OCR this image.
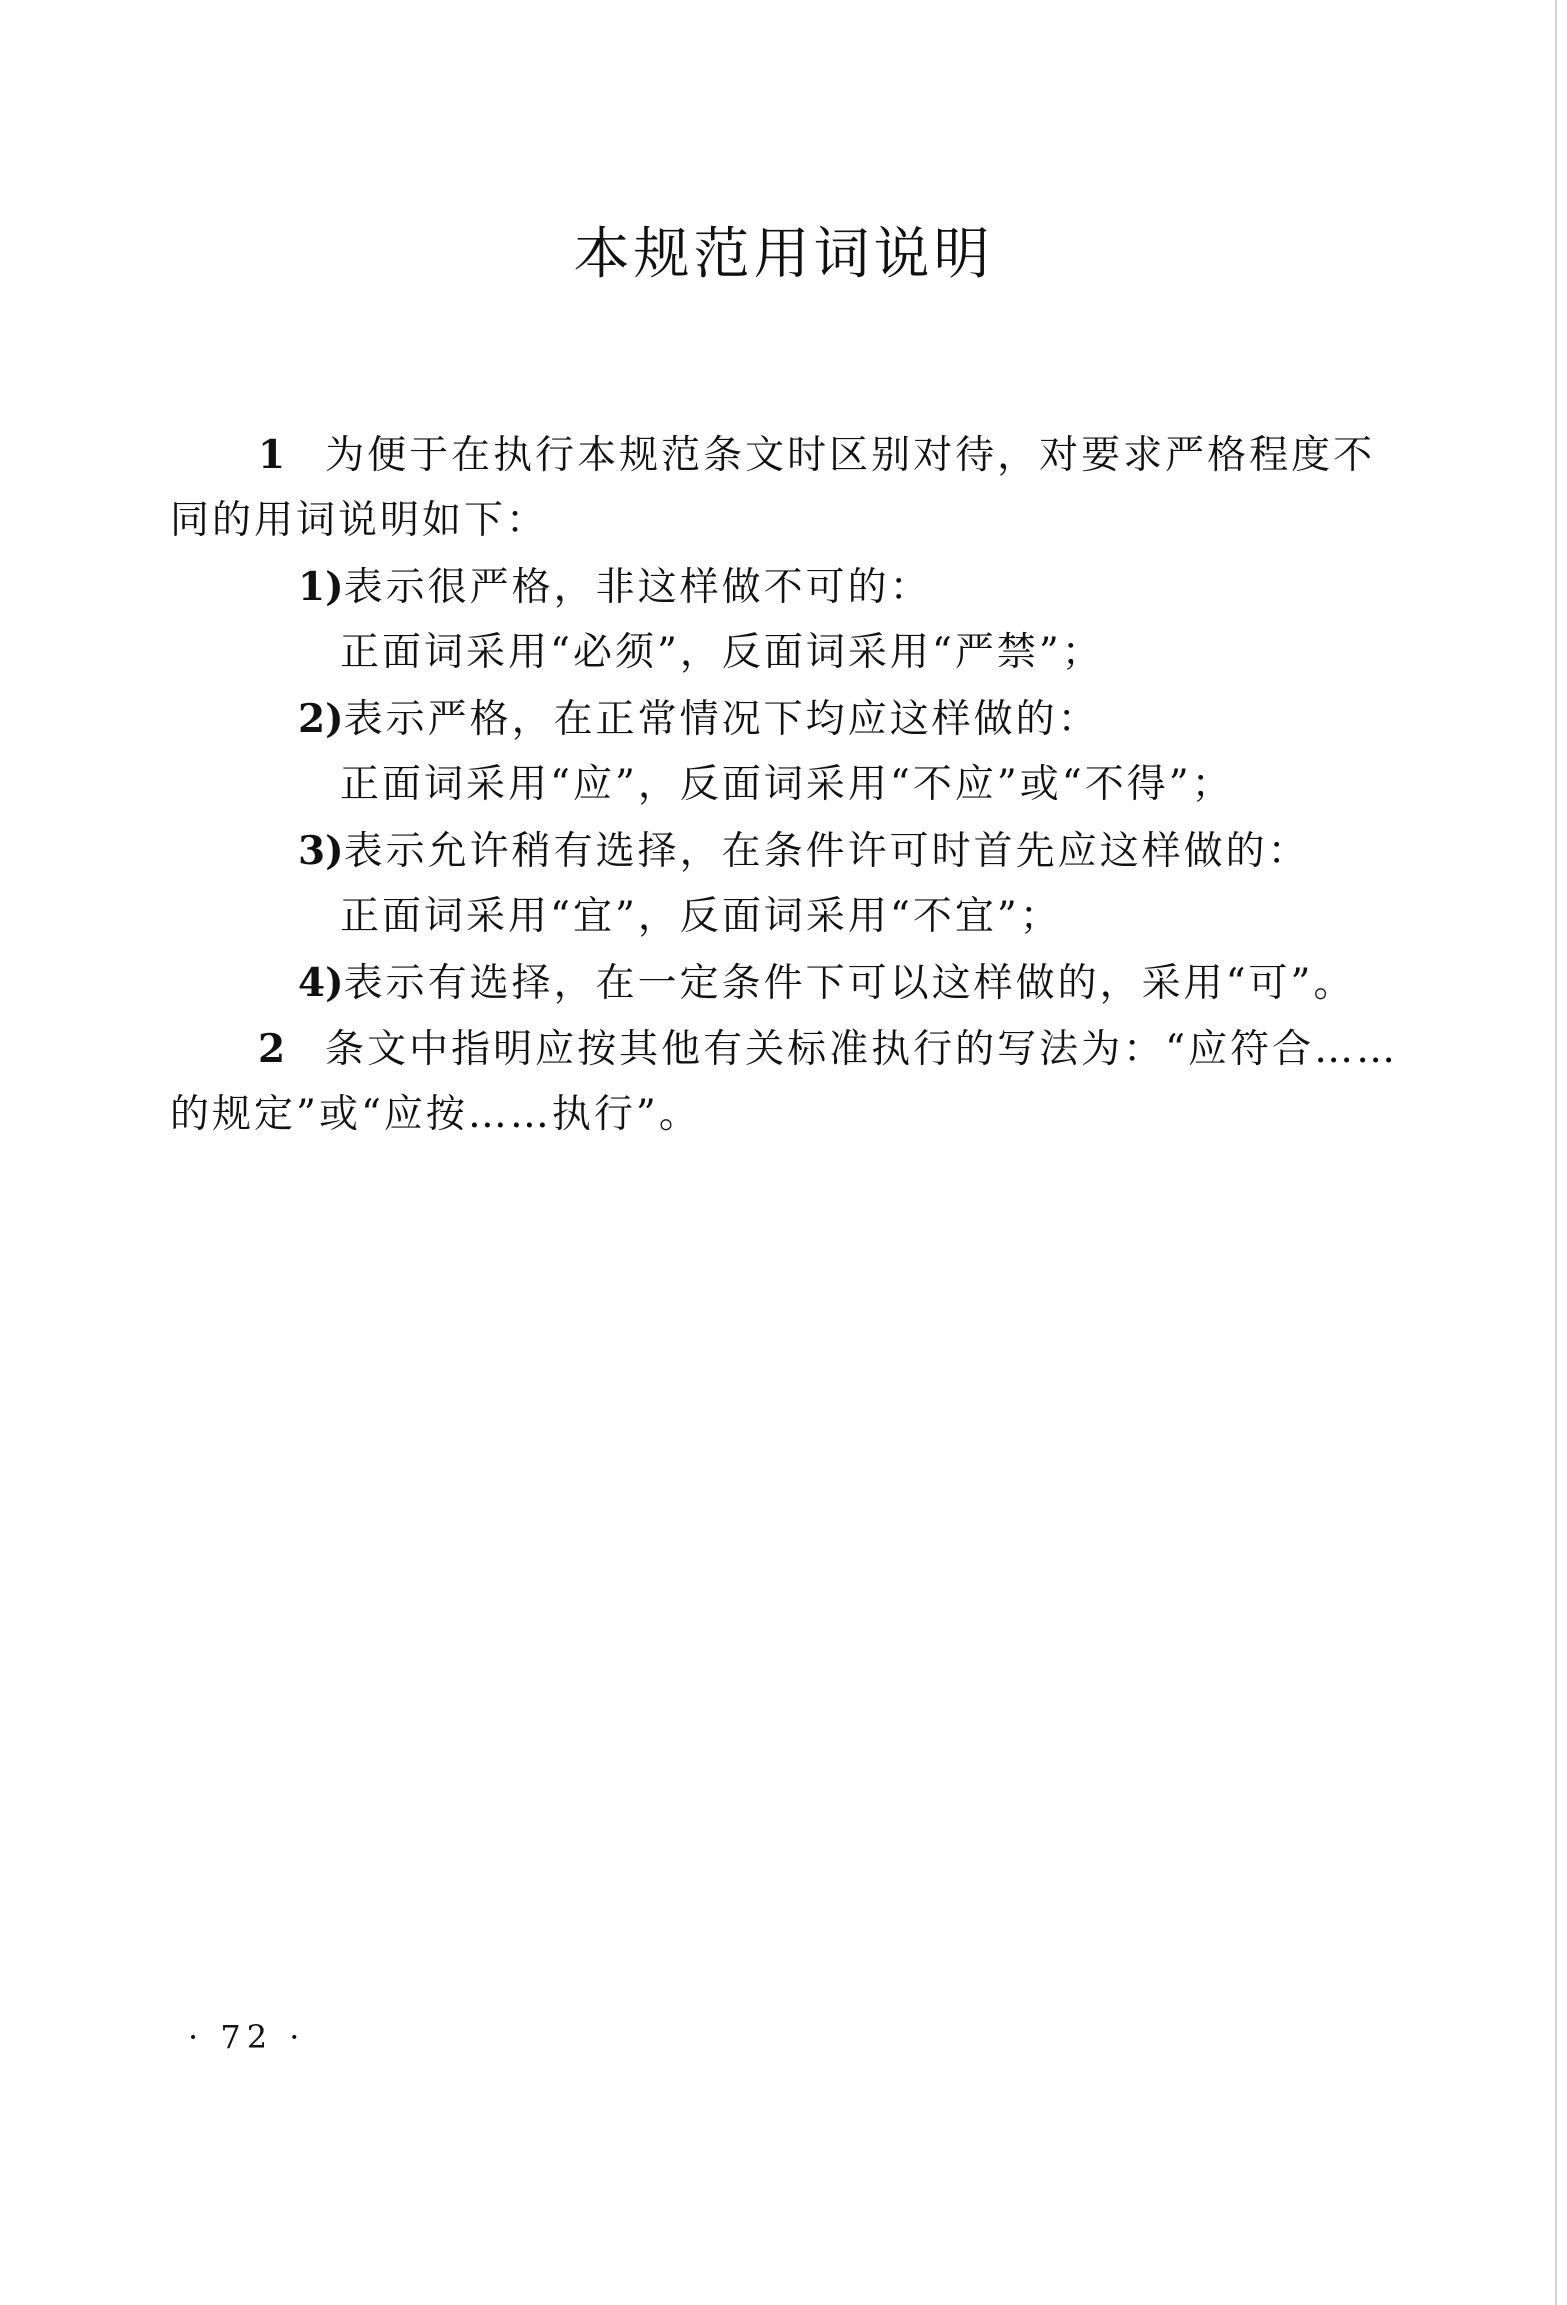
本规范用词说明
1 为便于在执行本规范条文时区别对待，对要求严格程度不
同的用词说明如下：
1)表示很严格，非这样做不可的：
正面词采用“必须”，反面词采用“严禁”；
2)表示严格，在正常情况下均应这样做的：
正面词采用“应”，反面词采用“不应”或“不得”；
3)表示允许稍有选择，在条件许可时首先应这样做的：
正面词采用“宜”，反面词采用“不宜”；
4)表示有选择，在一定条件下可以这样做的，采用“可”。
2 条文中指明应按其他有关标准执行的写法为：“应符合……
的规定”或“应按……执行”。
· 72 ·
